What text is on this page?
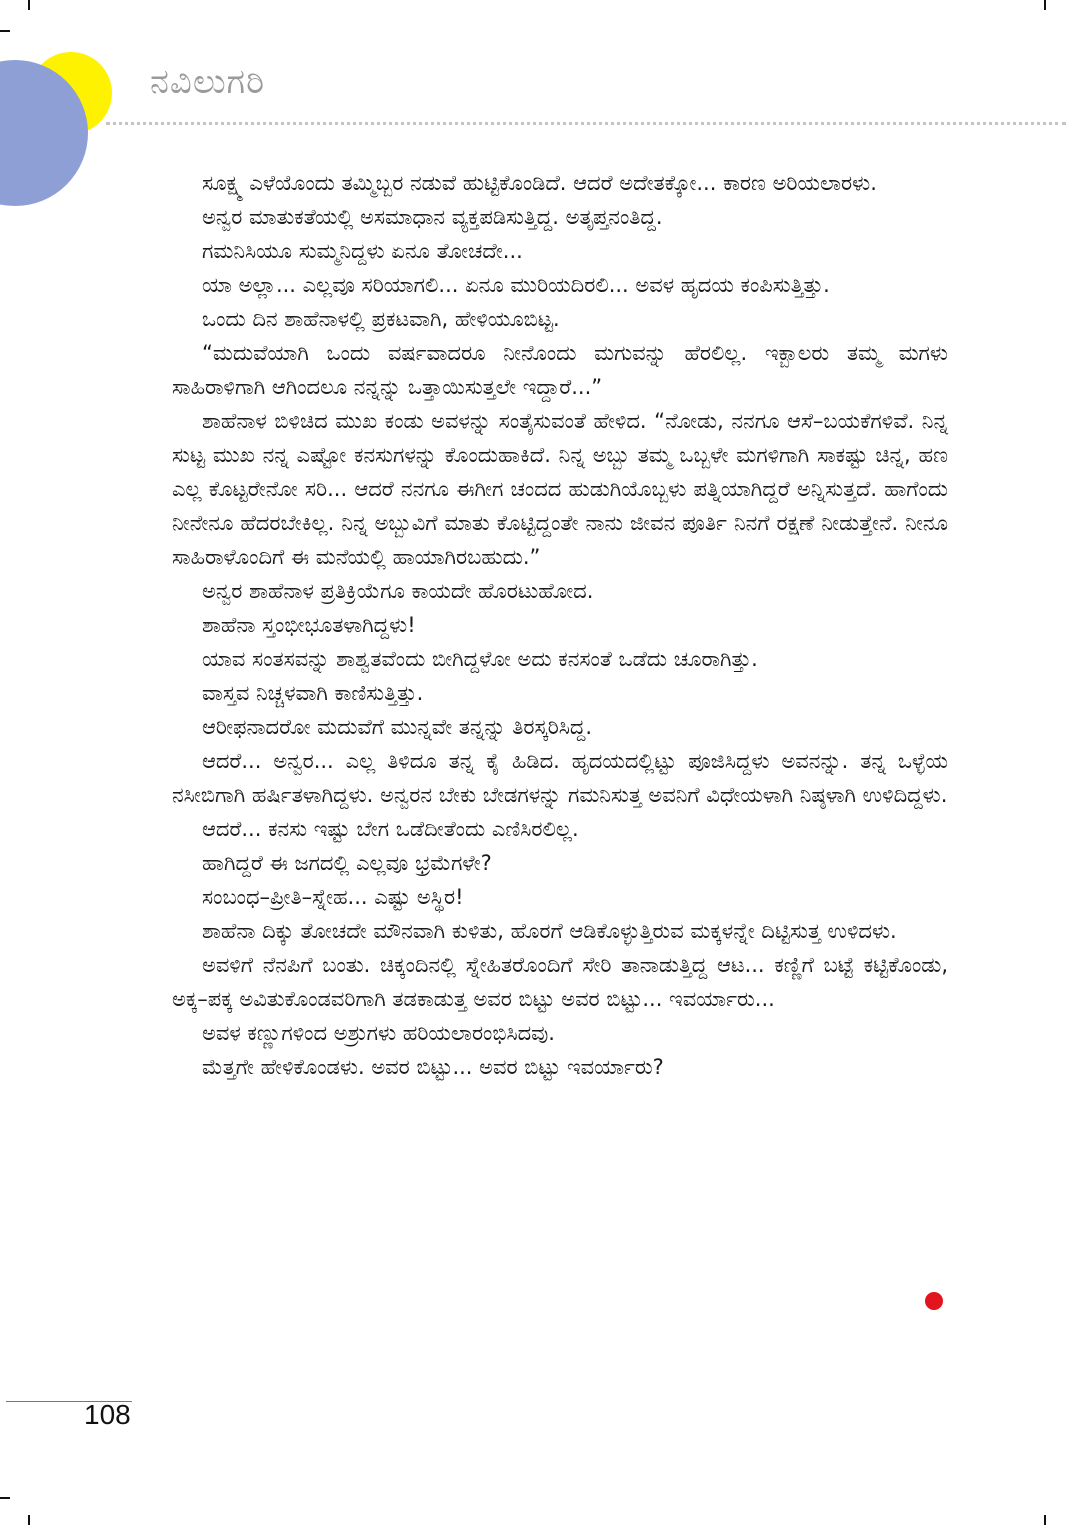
ನವಿಲುಗರಿ

ಸೂಕ್ಷ್ಮ ಎಳೆಯೊಂದು ತಮ್ಮಿಬ್ಬರ ನಡುವೆ ಹುಟ್ಟಿಕೊಂಡಿದೆ. ಆದರೆ ಅದೇತಕ್ಕೋ... ಕಾರಣ ಅರಿಯಲಾರಳು.

ಅನ್ವರ ಮಾತುಕತೆಯಲ್ಲಿ ಅಸಮಾಧಾನ ವ್ಯಕ್ತಪಡಿಸುತ್ತಿದ್ದ. ಅತೃಪ್ತನಂತಿದ್ದ.

ಗಮನಿಸಿಯೂ ಸುಮ್ಮನಿದ್ದಳು ಏನೂ ತೋಚದೇ...

ಯಾ ಅಲ್ಲಾ... ಎಲ್ಲವೂ ಸರಿಯಾಗಲಿ... ಏನೂ ಮುರಿಯದಿರಲಿ... ಅವಳ ಹೃದಯ ಕಂಪಿಸುತ್ತಿತ್ತು.

ಒಂದು ದಿನ ಶಾಹೆನಾಳಲ್ಲಿ ಪ್ರಕಟವಾಗಿ, ಹೇಳಿಯೂಬಿಟ್ಟ.

“ಮದುವೆಯಾಗಿ ಒಂದು ವರ್ಷವಾದರೂ ನೀನೊಂದು ಮಗುವನ್ನು ಹೆರಲಿಲ್ಲ. ಇಕ್ಬಾಲರು ತಮ್ಮ ಮಗಳು ಸಾಹಿರಾಳಿಗಾಗಿ ಆಗಿಂದಲೂ ನನ್ನನ್ನು ಒತ್ತಾಯಿಸುತ್ತಲೇ ಇದ್ದಾರೆ...”

ಶಾಹೆನಾಳ ಬಿಳಿಚಿದ ಮುಖ ಕಂಡು ಅವಳನ್ನು ಸಂತೈಸುವಂತೆ ಹೇಳಿದ. “ನೋಡು, ನನಗೂ ಆಸೆ–ಬಯಕೆಗಳಿವೆ. ನಿನ್ನ ಸುಟ್ಟ ಮುಖ ನನ್ನ ಎಷ್ಟೋ ಕನಸುಗಳನ್ನು ಕೊಂದುಹಾಕಿದೆ. ನಿನ್ನ ಅಬ್ಬು ತಮ್ಮ ಒಬ್ಬಳೇ ಮಗಳಿಗಾಗಿ ಸಾಕಷ್ಟು ಚಿನ್ನ, ಹಣ ಎಲ್ಲ ಕೊಟ್ಟರೇನೋ ಸರಿ... ಆದರೆ ನನಗೂ ಈಗೀಗ ಚಂದದ ಹುಡುಗಿಯೊಬ್ಬಳು ಪತ್ನಿಯಾಗಿದ್ದರೆ ಅನ್ನಿಸುತ್ತದೆ. ಹಾಗೆಂದು ನೀನೇನೂ ಹೆದರಬೇಕಿಲ್ಲ. ನಿನ್ನ ಅಬ್ಬುವಿಗೆ ಮಾತು ಕೊಟ್ಟಿದ್ದಂತೇ ನಾನು ಜೀವನ ಪೂರ್ತಿ ನಿನಗೆ ರಕ್ಷಣೆ ನೀಡುತ್ತೇನೆ. ನೀನೂ ಸಾಹಿರಾಳೊಂದಿಗೆ ಈ ಮನೆಯಲ್ಲಿ ಹಾಯಾಗಿರಬಹುದು.”

ಅನ್ವರ ಶಾಹೆನಾಳ ಪ್ರತಿಕ್ರಿಯೆಗೂ ಕಾಯದೇ ಹೊರಟುಹೋದ.

ಶಾಹೆನಾ ಸ್ತಂಭೀಭೂತಳಾಗಿದ್ದಳು!

ಯಾವ ಸಂತಸವನ್ನು ಶಾಶ್ವತವೆಂದು ಬೀಗಿದ್ದಳೋ ಅದು ಕನಸಂತೆ ಒಡೆದು ಚೂರಾಗಿತ್ತು.

ವಾಸ್ತವ ನಿಚ್ಚಳವಾಗಿ ಕಾಣಿಸುತ್ತಿತ್ತು.

ಆರೀಫನಾದರೋ ಮದುವೆಗೆ ಮುನ್ನವೇ ತನ್ನನ್ನು ತಿರಸ್ಕರಿಸಿದ್ದ.

ಆದರೆ... ಅನ್ವರ... ಎಲ್ಲ ತಿಳಿದೂ ತನ್ನ ಕೈ ಹಿಡಿದ. ಹೃದಯದಲ್ಲಿಟ್ಟು ಪೂಜಿಸಿದ್ದಳು ಅವನನ್ನು. ತನ್ನ ಒಳ್ಳೆಯ ನಸೀಬಿಗಾಗಿ ಹರ್ಷಿತಳಾಗಿದ್ದಳು. ಅನ್ವರನ ಬೇಕು ಬೇಡಗಳನ್ನು ಗಮನಿಸುತ್ತ ಅವನಿಗೆ ವಿಧೇಯಳಾಗಿ ನಿಷ್ಠಳಾಗಿ ಉಳಿದಿದ್ದಳು.

ಆದರೆ... ಕನಸು ಇಷ್ಟು ಬೇಗ ಒಡೆದೀತೆಂದು ಎಣಿಸಿರಲಿಲ್ಲ.

ಹಾಗಿದ್ದರೆ ಈ ಜಗದಲ್ಲಿ ಎಲ್ಲವೂ ಭ್ರಮೆಗಳೇ?

ಸಂಬಂಧ–ಪ್ರೀತಿ–ಸ್ನೇಹ... ಎಷ್ಟು ಅಸ್ಥಿರ!

ಶಾಹೆನಾ ದಿಕ್ಕು ತೋಚದೇ ಮೌನವಾಗಿ ಕುಳಿತು, ಹೊರಗೆ ಆಡಿಕೊಳ್ಳುತ್ತಿರುವ ಮಕ್ಕಳನ್ನೇ ದಿಟ್ಟಿಸುತ್ತ ಉಳಿದಳು.

ಅವಳಿಗೆ ನೆನಪಿಗೆ ಬಂತು. ಚಿಕ್ಕಂದಿನಲ್ಲಿ ಸ್ನೇಹಿತರೊಂದಿಗೆ ಸೇರಿ ತಾನಾಡುತ್ತಿದ್ದ ಆಟ... ಕಣ್ಣಿಗೆ ಬಟ್ಟೆ ಕಟ್ಟಿಕೊಂಡು, ಅಕ್ಕ–ಪಕ್ಕ ಅವಿತುಕೊಂಡವರಿಗಾಗಿ ತಡಕಾಡುತ್ತ ಅವರ ಬಿಟ್ಟು ಅವರ ಬಿಟ್ಟು... ಇವರ್ಯಾರು...

ಅವಳ ಕಣ್ಣುಗಳಿಂದ ಅಶ್ರುಗಳು ಹರಿಯಲಾರಂಭಿಸಿದವು.

ಮೆತ್ತಗೇ ಹೇಳಿಕೊಂಡಳು. ಅವರ ಬಿಟ್ಟು... ಅವರ ಬಿಟ್ಟು ಇವರ್ಯಾರು?

108
